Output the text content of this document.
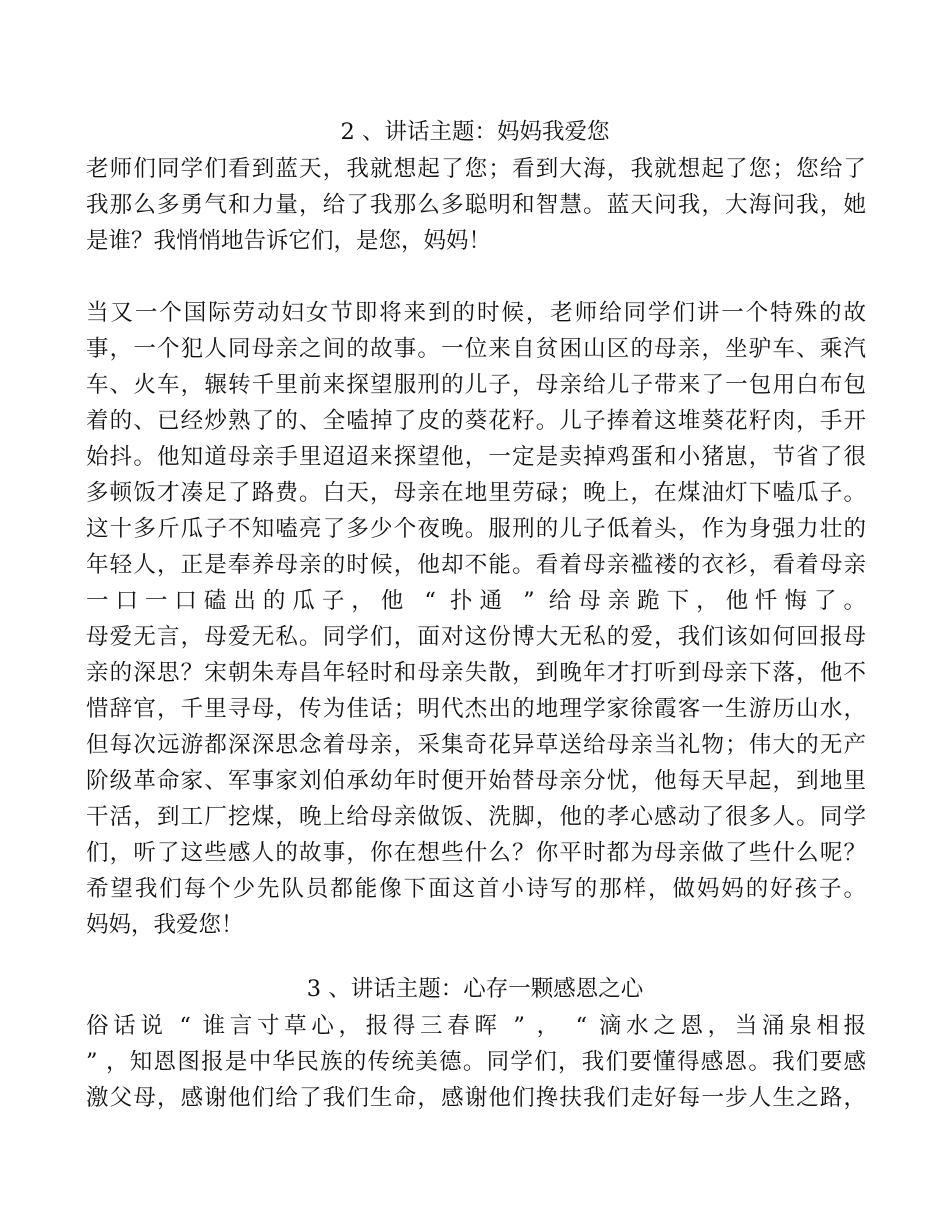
2 、讲话主题：妈妈我爱您
老师们同学们看到蓝天，我就想起了您；看到大海，我就想起了您；您给了
我那么多勇气和力量，给了我那么多聪明和智慧。蓝天问我，大海问我，她
是谁？我悄悄地告诉它们，是您，妈妈！
当又一个国际劳动妇女节即将来到的时候，老师给同学们讲一个特殊的故
事，一个犯人同母亲之间的故事。一位来自贫困山区的母亲，坐驴车、乘汽
车、火车，辗转千里前来探望服刑的儿子，母亲给儿子带来了一包用白布包
着的、已经炒熟了的、全嗑掉了皮的葵花籽。儿子捧着这堆葵花籽肉，手开
始抖。他知道母亲手里迢迢来探望他，一定是卖掉鸡蛋和小猪崽，节省了很
多顿饭才凑足了路费。白天，母亲在地里劳碌；晚上，在煤油灯下嗑瓜子。
这十多斤瓜子不知嗑亮了多少个夜晚。服刑的儿子低着头，作为身强力壮的
年轻人，正是奉养母亲的时候，他却不能。看着母亲褴褛的衣衫，看着母亲
一口一口磕出的瓜子，他 “ 扑通 ” 给母亲跪下，他忏悔了。
母爱无言，母爱无私。同学们，面对这份博大无私的爱，我们该如何回报母
亲的深思？宋朝朱寿昌年轻时和母亲失散，到晚年才打听到母亲下落，他不
惜辞官，千里寻母，传为佳话；明代杰出的地理学家徐霞客一生游历山水，
但每次远游都深深思念着母亲，采集奇花异草送给母亲当礼物；伟大的无产
阶级革命家、军事家刘伯承幼年时便开始替母亲分忧，他每天早起，到地里
干活，到工厂挖煤，晚上给母亲做饭、洗脚，他的孝心感动了很多人。同学
们，听了这些感人的故事，你在想些什么？你平时都为母亲做了些什么呢？
希望我们每个少先队员都能像下面这首小诗写的那样，做妈妈的好孩子。
妈妈，我爱您！
3 、讲话主题：心存一颗感恩之心
俗话说 “ 谁言寸草心，报得三春晖 ” ， “ 滴水之恩，当涌泉相报
” ，知恩图报是中华民族的传统美德。同学们，我们要懂得感恩。我们要感
激父母，感谢他们给了我们生命，感谢他们搀扶我们走好每一步人生之路，
